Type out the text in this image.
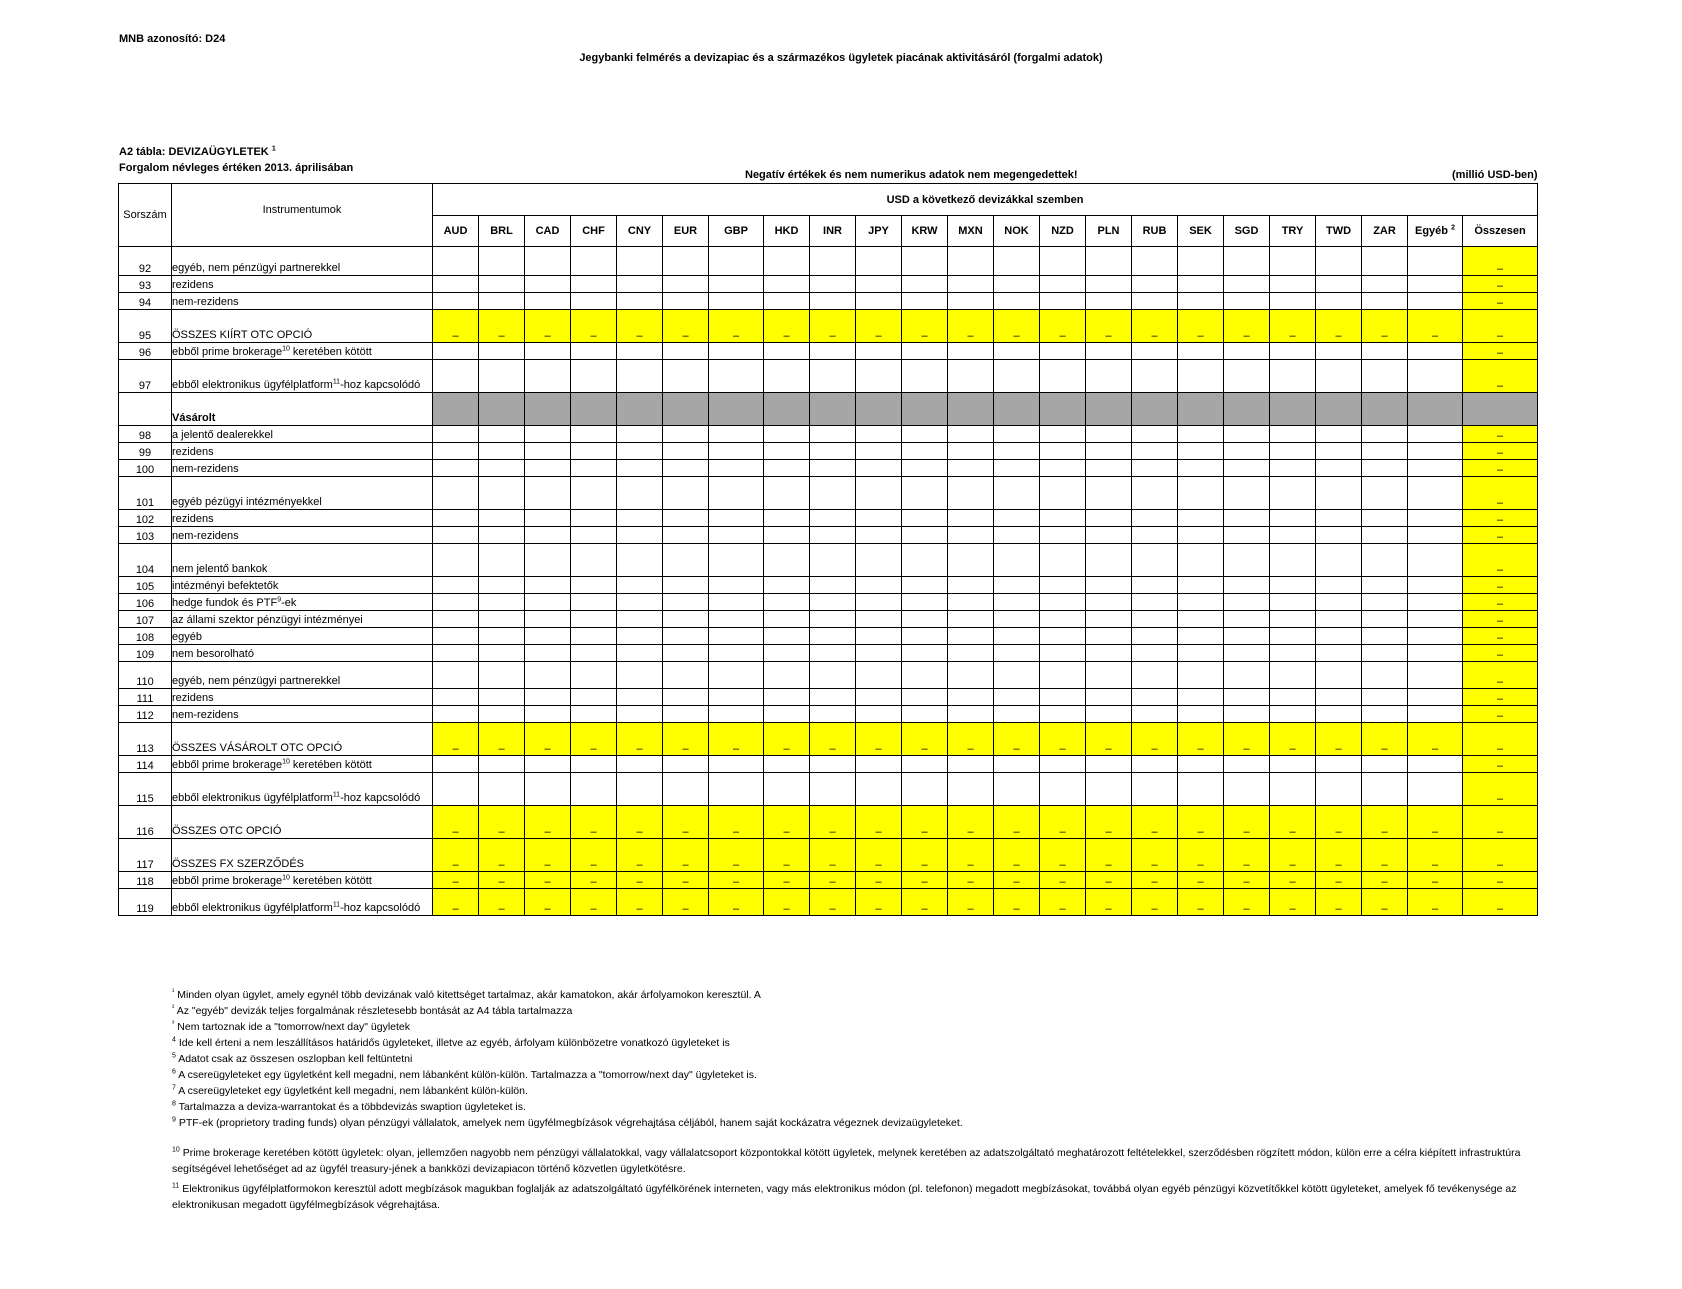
MNB azonosító: D24
Jegybanki felmérés a devizapiac és a származékos ügyletek piacának aktivitásáról (forgalmi adatok)
A2 tábla: DEVIZAÜGYLETEK $^1$
Forgalom névleges értéken 2013. áprilisában
Negatív értékek és nem numerikus adatok nem megengedettek!	(millió USD-ben)
Sorszám	Instrumentumok	USD a következő devizákkal szemben																						
		AUD	BRL	CAD	CHF	CNY	EUR	GBP	HKD	INR	JPY	KRW	MXN	NOK	NZD	PLN	RUB	SEK	SGD	TRY	TWD	ZAR	Egyéb $^2$	Összesen
92	egyéb, nem pénzügyi partnerekkel																							–
93	rezidens																							–
94	nem-rezidens																							–
95	ÖSSZES KIÍRT OTC OPCIÓ	–	–	–	–	–	–	–	–	–	–	–	–	–	–	–	–	–	–	–	–	–	–	–
96	ebből prime brokerage$^{10}$ keretében kötött																							–
97	ebből elektronikus ügyfélplatform$^{11}$-hoz kapcsolódó																							–
	Vásárolt																							
98	a jelentő dealerekkel																							–
99	rezidens																							–
100	nem-rezidens																							–
101	egyéb pézügyi intézményekkel																							–
102	rezidens																							–
103	nem-rezidens																							–
104	nem jelentő bankok																							–
105	intézményi befektetők																							–
106	hedge fundok és PTF$^9$-ek																							–
107	az állami szektor pénzügyi intézményei																							–
108	egyéb																							–
109	nem besorolható																							–
110	egyéb, nem pénzügyi partnerekkel																							–
111	rezidens																							–
112	nem-rezidens																							–
113	ÖSSZES VÁSÁROLT OTC OPCIÓ	–	–	–	–	–	–	–	–	–	–	–	–	–	–	–	–	–	–	–	–	–	–	–
114	ebből prime brokerage$^{10}$ keretében kötött																							–
115	ebből elektronikus ügyfélplatform$^{11}$-hoz kapcsolódó																							–
116	ÖSSZES OTC OPCIÓ	–	–	–	–	–	–	–	–	–	–	–	–	–	–	–	–	–	–	–	–	–	–	–
117	ÖSSZES FX SZERZŐDÉS	–	–	–	–	–	–	–	–	–	–	–	–	–	–	–	–	–	–	–	–	–	–	–
118	ebből prime brokerage$^{10}$ keretében kötött	–	–	–	–	–	–	–	–	–	–	–	–	–	–	–	–	–	–	–	–	–	–	–
119	ebből elektronikus ügyfélplatform$^{11}$-hoz kapcsolódó	–	–	–	–	–	–	–	–	–	–	–	–	–	–	–	–	–	–	–	–	–	–	–
$^{^1}$ Minden olyan ügylet, amely egynél több devizának való kitettséget tartalmaz, akár kamatokon, akár árfolyamokon keresztül. A
$^{^2}$ Az "egyéb" devizák teljes forgalmának részletesebb bontását az A4 tábla tartalmazza
$^{^3}$ Nem tartoznak ide a "tomorrow/next day" ügyletek
$^4$ Ide kell érteni a nem leszállításos határidős ügyleteket, illetve az egyéb, árfolyam különbözetre vonatkozó ügyleteket is
$^5$ Adatot csak az összesen oszlopban kell feltüntetni
$^6$ A csereügyleteket egy ügyletként kell megadni, nem lábanként külön-külön. Tartalmazza a "tomorrow/next day" ügyleteket is.
$^7$ A csereügyleteket egy ügyletként kell megadni, nem lábanként külön-külön.
$^8$ Tartalmazza a deviza-warrantokat és a többdevizás swaption ügyleteket is.
$^9$ PTF-ek (proprietory trading funds) olyan pénzügyi vállalatok, amelyek nem ügyfélmegbízások végrehajtása céljából, hanem saját kockázatra végeznek devizaügyleteket.
$^{10}$ Prime brokerage keretében kötött ügyletek: olyan, jellemzően nagyobb nem pénzügyi vállalatokkal, vagy vállalatcsoport központokkal kötött ügyletek, melynek keretében az adatszolgáltató meghatározott feltételekkel, szerződésben rögzített módon, külön erre a célra kiépített infrastruktúra segítségével lehetőséget ad az ügyfél treasury-jének a bankközi devizapiacon történő közvetlen ügyletkötésre.
$^{11}$ Elektronikus ügyfélplatformokon keresztül adott megbízások magukban foglalják az adatszolgáltató ügyfélkörének interneten, vagy más elektronikus módon (pl. telefonon) megadott megbízásokat, továbbá olyan egyéb pénzügyi közvetítőkkel kötött ügyleteket, amelyek fő tevékenysége az elektronikusan megadott ügyfélmegbízások végrehajtása.
